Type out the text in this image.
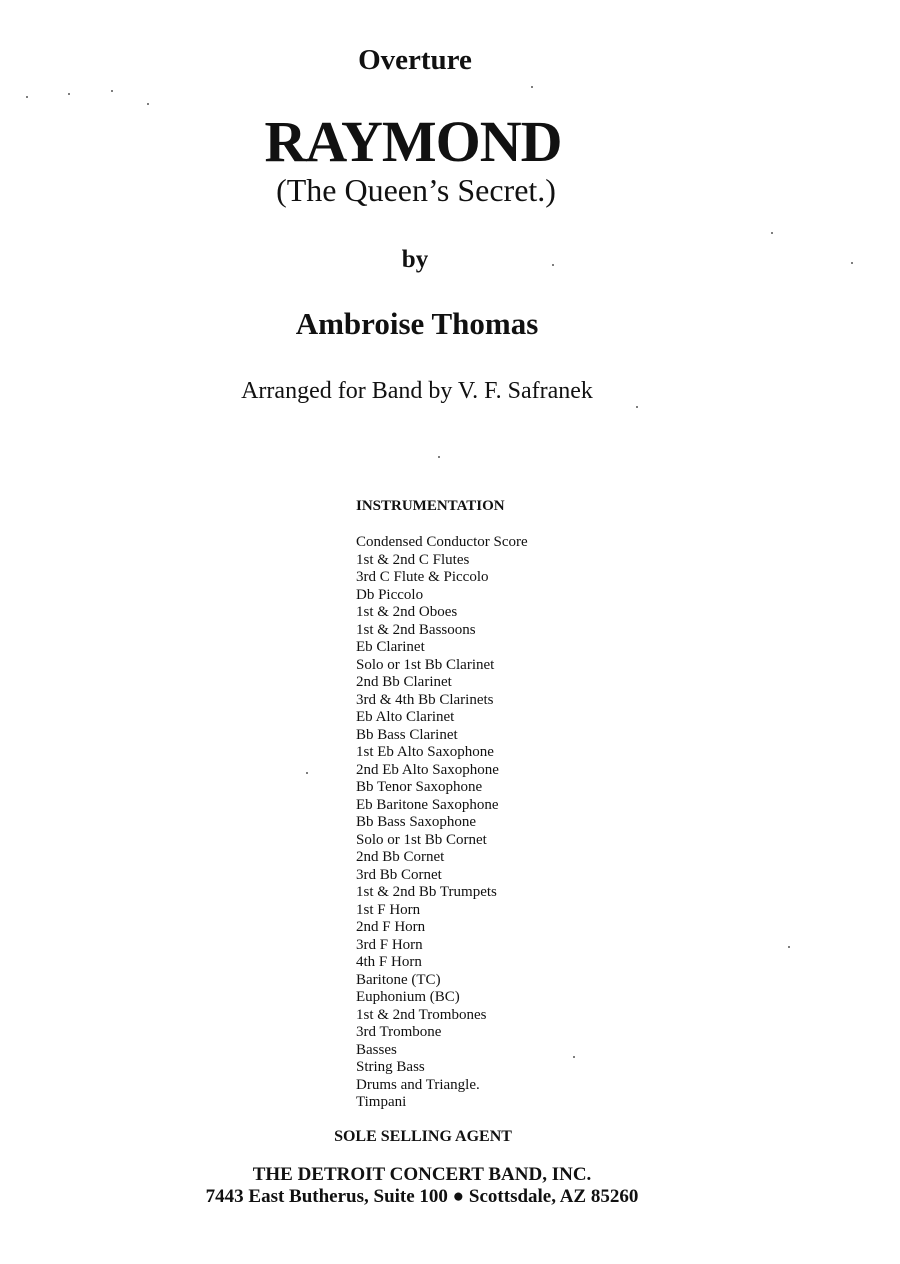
Overture
RAYMOND
(The Queen’s Secret.)
by
Ambroise Thomas
Arranged for Band by V. F. Safranek
INSTRUMENTATION
Condensed Conductor Score
1st & 2nd C Flutes
3rd C Flute & Piccolo
Db Piccolo
1st & 2nd Oboes
1st & 2nd Bassoons
Eb Clarinet
Solo or 1st Bb Clarinet
2nd Bb Clarinet
3rd & 4th Bb Clarinets
Eb Alto Clarinet
Bb Bass Clarinet
1st Eb Alto Saxophone
2nd Eb Alto Saxophone
Bb Tenor Saxophone
Eb Baritone Saxophone
Bb Bass Saxophone
Solo or 1st Bb Cornet
2nd Bb Cornet
3rd Bb Cornet
1st & 2nd Bb Trumpets
1st F Horn
2nd F Horn
3rd F Horn
4th F Horn
Baritone (TC)
Euphonium (BC)
1st & 2nd Trombones
3rd Trombone
Basses
String Bass
Drums and Triangle.
Timpani
SOLE SELLING AGENT
THE DETROIT CONCERT BAND, INC.
7443 East Butherus, Suite 100 ● Scottsdale, AZ 85260
